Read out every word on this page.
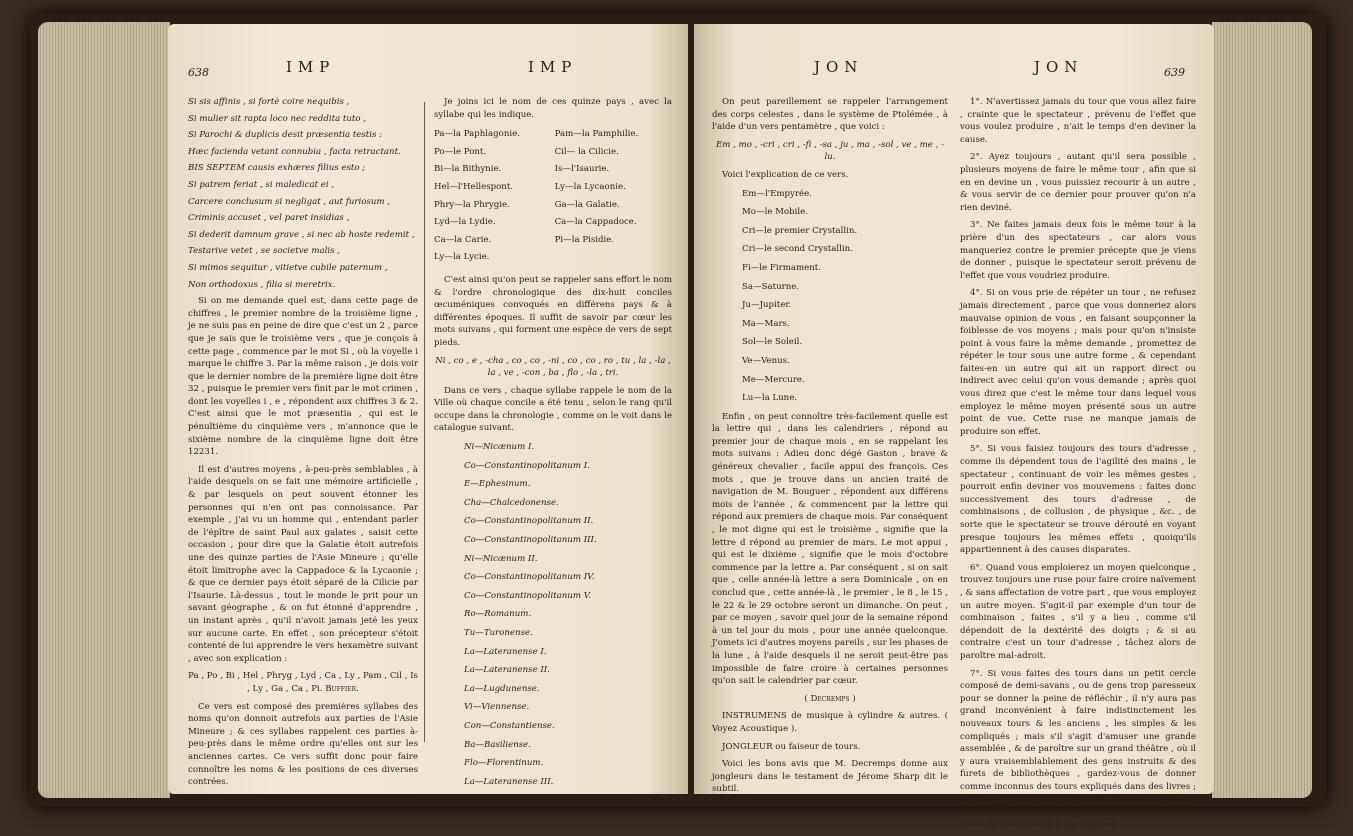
638	IMP	IMP

Si sis affinis , si fortè coire nequibis ,

Si mulier sit rapta loco nec reddita tuto ,

Si Parochi & duplicis desit præsentia testis :

Hæc facienda vetant connubia , facta retractant.

BIS SEPTEM causis exhæres filius esto ;

Si patrem feriat , si maledicat ei ,

Carcere conclusum si negligat , aut furiosum ,

Criminis accuset , vel paret insidias ,

Si dederit damnum grave , si nec ab hoste redemit ,

Testarive vetet , se societve malis ,

Si mimos sequitur , vitietve cubile paternum ,

Non orthodoxus , filia si meretrix.

Si on me demande quel est, dans cette page de chiffres , le premier nombre de la troisième ligne , je ne suis pas en peine de dire que c'est un 2 , parce que je sais que le troisième vers , que je conçois à cette page , commence par le mot Si , où la voyelle i marque le chiffre 3. Par la même raison , je dois voir que le dernier nombre de la première ligne doit être 32 , puisque le premier vers finit par le mot crimen , dont les voyelles i , e , répondent aux chiffres 3 & 2. C'est ainsi que le mot præsentia , qui est le pénultième du cinquième vers , m'annonce que le sixième nombre de la cinquième ligne doit être 12231.

Il est d'autres moyens , à-peu-près semblables , à l'aide desquels on se fait une mémoire artificielle , & par lesquels on peut souvent étonner les personnes qui n'en ont pas connoissance. Par exemple , j'ai vu un homme qui , entendant parler de l'épître de saint Paul aux galates , saisit cette occasion , pour dire que la Galatie étoit autrefois une des quinze parties de l'Asie Mineure ; qu'elle étoit limitrophe avec la Cappadoce & la Lycaonie ; & que ce dernier pays étoit séparé de la Cilicie par l'Isaurie. Là-dessus , tout le monde le prit pour un savant géographe , & on fut étonné d'apprendre , un instant après , qu'il n'avoit jamais jeté les yeux sur aucune carte. En effet , son précepteur s'étoit contenté de lui apprendre le vers hexamètre suivant , avec son explication :

Pa , Po , Bi , Hel , Phryg , Lyd , Ca , Ly , Pam , Cil , Is , Ly , Ga , Ca , Pi. Buffier.

Ce vers est composé des premières syllabes des noms qu'on donnoit autrefois aux parties de l'Asie Mineure ; & ces syllabes rappelent ces parties à-peu-près dans le même ordre qu'elles ont sur les anciennes cartes. Ce vers suffit donc pour faire connoître les noms & les positions de ces diverses contrées.

Je joins ici le nom de ces quinze pays , avec la syllabe qui les indique.

Pa—la Paphlagonie.	Pam—la Pamphilie.
Po—le Pont.	Cil— la Cilicie.
Bi—la Bithynie.	Is—l'Isaurie.
Hel—l'Hellespont.	Ly—la Lycaonie.
Phry—la Phrygie.	Ga—la Galatie.
Lyd—la Lydie.	Ca—la Cappadoce.
Ca—la Carie.	Pi—la Pisidie.
Ly—la Lycie.	

C'est ainsi qu'on peut se rappeler sans effort le nom & l'ordre chronologique des dix-huit conciles œcuméniques convoqués en différens pays & à différentes époques. Il suffit de savoir par cœur les mots suivans , qui forment une espèce de vers de sept pieds.

Ni , co , e , -cha , co , co , -ni , co , co , ro , tu , la , -la , la , ve , -con , ba , flo , -la , tri.

Dans ce vers , chaque syllabe rappele le nom de la Ville où chaque concile a été tenu , selon le rang qu'il occupe dans la chronologie , comme on le voit dans le catalogue suivant.

Ni—Nicænum I.
Co—Constantinopolitanum I.
E—Ephesinum.
Cha—Chalcedonense.
Co—Constantinopolitanum II.
Co—Constantinopolitanum III.
Ni—Nicænum II.
Co—Constantinopolitanum IV.
Co—Constantinopolitanum V.
Ro—Romanum.
Tu—Turonense.
La—Lateranense I.
La—Lateranense II.
La—Lugdunense.
Vi—Viennense.
Con—Constantiense.
Ba—Basiliense.
Flo—Florentinum.
La—Lateranense III.
Tri—Tridentinum.
JON	JON	639

On peut pareillement se rappeler l'arrangement des corps celestes , dans le système de Ptolémée , à l'aide d'un vers pentamètre , que voici :

Em , mo , -cri , cri , -fi , -sa , ju , ma , -sol , ve , me , -lu.

Voici l'explication de ce vers.

Em—l'Empyrée.
Mo—le Mobile.
Cri—le premier Crystallin.
Cri—le second Crystallin.
Fi—le Firmament.
Sa—Saturne.
Ju—Jupiter.
Ma—Mars.
Sol—le Soleil.
Ve—Venus.
Me—Mercure.
Lu—la Lune.

Enfin , on peut connoître très-facilement quelle est la lettre qui , dans les calendriers , répond au premier jour de chaque mois , en se rappelant les mots suivans : Adieu donc dégé Gaston , brave & généreux chevalier , facile appui des françois. Ces mots , que je trouve dans un ancien traité de navigation de M. Bouguer , répondent aux différens mois de l'année , & commencent par la lettre qui répond aux premiers de chaque mois. Par conséquent , le mot digne qui est le troisième , signifie que la lettre d répond au premier de mars. Le mot appui , qui est le dixième , signifie que le mois d'octobre commence par la lettre a. Par conséquent , si on sait que , celle année-là lettre a sera Dominicale , on en conclud que , cette année-là , le premier , le 8 , le 15 , le 22 & le 29 octobre seront un dimanche. On peut , par ce moyen , savoir quel jour de la semaine répond à un tel jour du mois , pour une année quelconque. J'omets ici d'autres moyens pareils , sur les phases de la lune , à l'aide desquels il ne seroit peut-être pas impossible de faire croire à certaines personnes qu'on sait le calendrier par cœur.

( Decremps )

INSTRUMENS de musique à cylindre & autres. ( Voyez Acoustique ).

JONGLEUR ou faiseur de tours.

Voici les bons avis que M. Decremps donne aux jongleurs dans le testament de Jérome Sharp dit le subtil.

1°. N'avertissez jamais du tour que vous allez faire , crainte que le spectateur , prévenu de l'effet que vous voulez produire , n'ait le temps d'en deviner la cause.

2°. Ayez toujours , autant qu'il sera possible , plusieurs moyens de faire le même tour , afin que si en en devine un , vous puissiez recourir à un autre , & vous servir de ce dernier pour prouver qu'on n'a rien deviné.

3°. Ne faites jamais deux fois le même tour à la prière d'un des spectateurs , car alors vous manqueriez contre le premier précepte que je viens de donner , puisque le spectateur seroit prévenu de l'effet que vous voudriez produire.

4°. Si on vous prie de répéter un tour , ne refusez jamais directement , parce que vous donneriez alors mauvaise opinion de vous , en faisant soupçonner la foiblesse de vos moyens ; mais pour qu'on n'insiste point à vous faire la même demande , promettez de répéter le tour sous une autre forme , & cependant faites-en un autre qui ait un rapport direct ou indirect avec celui qu'on vous demande ; après quoi vous direz que c'est le même tour dans lequel vous employez le même moyen présenté sous un autre point de vue. Cette ruse ne manque jamais de produire son effet.

5°. Si vous faisiez toujours des tours d'adresse , comme ils dépendent tous de l'agilité des mains , le spectateur , continuant de voir les mêmes gestes , pourroit enfin deviner vos mouvemens : faites donc successivement des tours d'adresse , de combinaisons , de collusion , de physique , &c. , de sorte que le spectateur se trouve dérouté en voyant presque toujours les mêmes effets , quoiqu'ils appartiennent à des causes disparates.

6°. Quand vous emploierez un moyen quelconque , trouvez toujours une ruse pour faire croire naïvement , & sans affectation de votre part , que vous employez un autre moyen. S'agit-il par exemple d'un tour de combinaison , faites , s'il y a lieu , comme s'il dépendoit de la dextérité des doigts ; & si au contraire c'est un tour d'adresse , tâchez alors de paroître mal-adroit.

7°. Si vous faites des tours dans un petit cercle composé de demi-savans , ou de gens trop paresseux pour se donner la peine de réfléchir , il n'y aura pas grand inconvénient à faire indistinctement les nouveaux tours & les anciens , les simples & les compliqués ; mais s'il s'agit d'amuser une grande assemblée , & de paroître sur un grand théâtre , où il y aura vraisemblablement des gens instruits & des furets de bibliothèques , gardez-vous de donner comme inconnus des tours expliqués dans des livres ; & souvenez-vous qu'il est absurde d'intituler un livre , recueil de secrets , parce qu'un secret quelconque cesse de l'être quand il est imprimé.
